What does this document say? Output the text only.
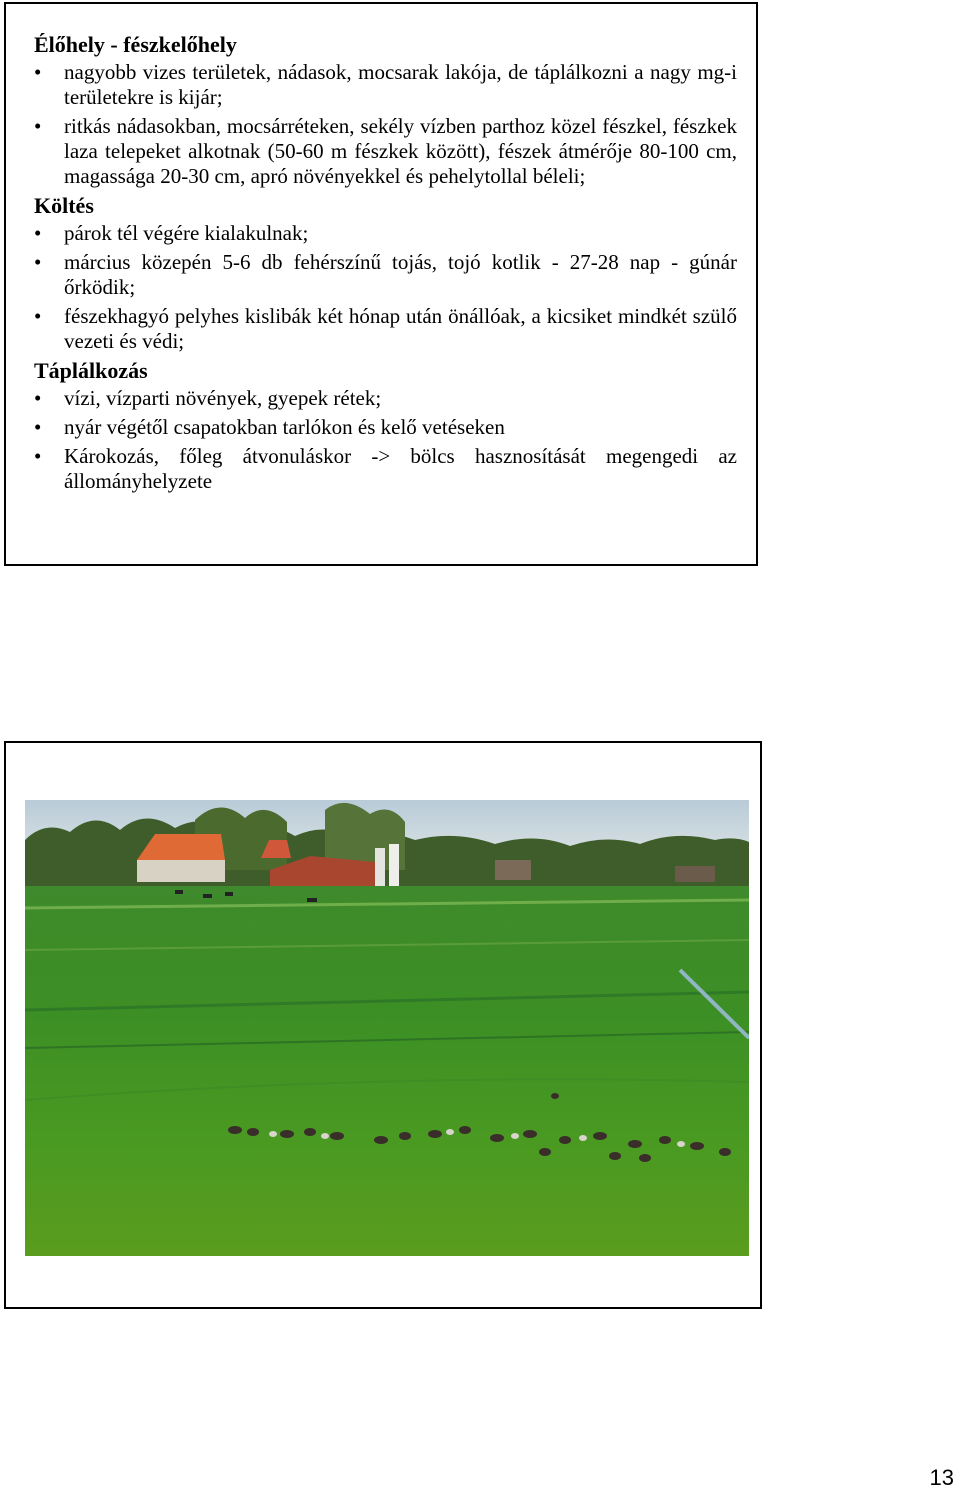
Élőhely - fészkelőhely
•	nagyobb vizes területek, nádasok, mocsarak lakója, de táplálkozni a nagy mg-i területekre is kijár;
•	ritkás nádasokban, mocsárréteken, sekély vízben parthoz közel fészkel, fészkek laza telepeket alkotnak (50-60 m fészkek között), fészek átmérője 80-100 cm, magassága 20-30 cm, apró növényekkel és pehelytollal béleli;
Költés
•	párok tél végére kialakulnak;
•	március közepén 5-6 db fehérszínű tojás, tojó kotlik - 27-28 nap - gúnár őrködik;
•	fészekhagyó pelyhes kislibák két hónap után önállóak, a kicsiket mindkét szülő vezeti és védi;
Táplálkozás
•	vízi, vízparti növények, gyepek rétek;
•	nyár végétől csapatokban tarlókon és kelő vetéseken
•	Károkozás, főleg átvonuláskor -> bölcs hasznosítását megengedi az állományhelyzete
13
